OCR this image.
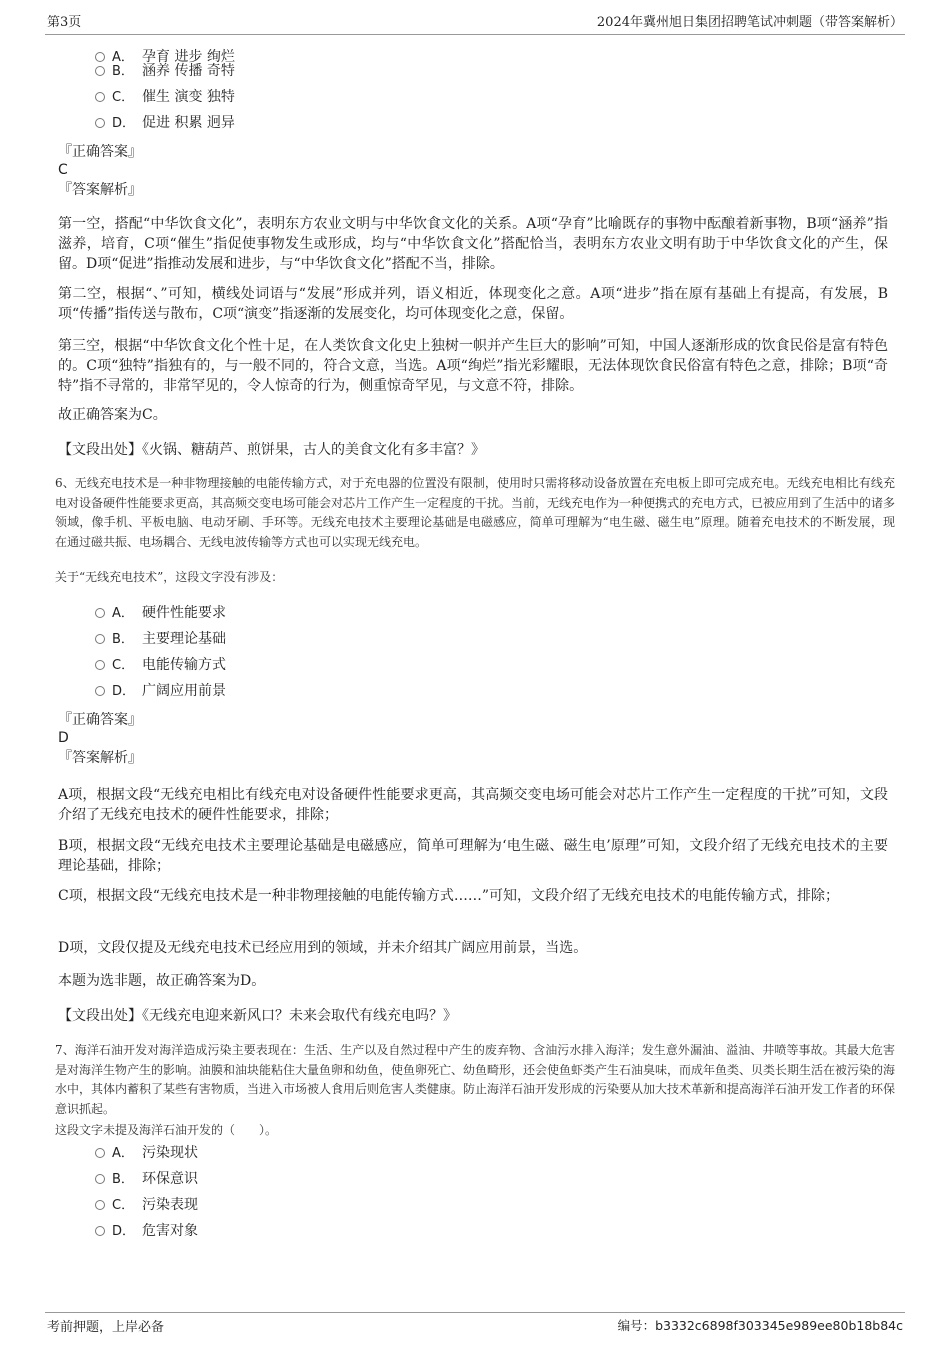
第3页	2024年冀州旭日集团招聘笔试冲刺题（带答案解析）
A． 孕育 进步 绚烂
B． 涵养 传播 奇特
C． 催生 演变 独特
D． 促进 积累 迥异
『正确答案』
C
『答案解析』
第一空，搭配“中华饮食文化”，表明东方农业文明与中华饮食文化的关系。A项“孕育”比喻既存的事物中酝酿着新事物，B项“涵养”指滋养，培育，C项“催生”指促使事物发生或形成，均与“中华饮食文化”搭配恰当，表明东方农业文明有助于中华饮食文化的产生，保留。D项“促进”指推动发展和进步，与“中华饮食文化”搭配不当，排除。
第二空，根据“、”可知，横线处词语与“发展”形成并列，语义相近，体现变化之意。A项“进步”指在原有基础上有提高，有发展，B项“传播”指传送与散布，C项“演变”指逐渐的发展变化，均可体现变化之意，保留。
第三空，根据“中华饮食文化个性十足，在人类饮食文化史上独树一帜并产生巨大的影响”可知，中国人逐渐形成的饮食民俗是富有特色的。C项“独特”指独有的，与一般不同的，符合文意，当选。A项“绚烂”指光彩耀眼，无法体现饮食民俗富有特色之意，排除；B项“奇特”指不寻常的，非常罕见的，令人惊奇的行为，侧重惊奇罕见，与文意不符，排除。
故正确答案为C。
【文段出处】《火锅、糖葫芦、煎饼果，古人的美食文化有多丰富？》
6、无线充电技术是一种非物理接触的电能传输方式，对于充电器的位置没有限制，使用时只需将移动设备放置在充电板上即可完成充电。无线充电相比有线充电对设备硬件性能要求更高，其高频交变电场可能会对芯片工作产生一定程度的干扰。当前，无线充电作为一种便携式的充电方式，已被应用到了生活中的诸多领域，像手机、平板电脑、电动牙刷、手环等。无线充电技术主要理论基础是电磁感应，简单可理解为“电生磁、磁生电”原理。随着充电技术的不断发展，现在通过磁共振、电场耦合、无线电波传输等方式也可以实现无线充电。
关于“无线充电技术”，这段文字没有涉及：
A． 硬件性能要求
B． 主要理论基础
C． 电能传输方式
D． 广阔应用前景
『正确答案』
D
『答案解析』
A项，根据文段“无线充电相比有线充电对设备硬件性能要求更高，其高频交变电场可能会对芯片工作产生一定程度的干扰”可知，文段介绍了无线充电技术的硬件性能要求，排除；
B项，根据文段“无线充电技术主要理论基础是电磁感应，简单可理解为‘电生磁、磁生电’原理”可知，文段介绍了无线充电技术的主要理论基础，排除；
C项，根据文段“无线充电技术是一种非物理接触的电能传输方式……”可知，文段介绍了无线充电技术的电能传输方式，排除；
D项，文段仅提及无线充电技术已经应用到的领域，并未介绍其广阔应用前景，当选。
本题为选非题，故正确答案为D。
【文段出处】《无线充电迎来新风口？未来会取代有线充电吗？》
7、海洋石油开发对海洋造成污染主要表现在：生活、生产以及自然过程中产生的废弃物、含油污水排入海洋；发生意外漏油、溢油、井喷等事故。其最大危害是对海洋生物产生的影响。油膜和油块能粘住大量鱼卵和幼鱼，使鱼卵死亡、幼鱼畸形，还会使鱼虾类产生石油臭味，而成年鱼类、贝类长期生活在被污染的海水中，其体内蓄积了某些有害物质，当进入市场被人食用后则危害人类健康。防止海洋石油开发形成的污染要从加大技术革新和提高海洋石油开发工作者的环保意识抓起。
这段文字未提及海洋石油开发的（　　）。
A． 污染现状
B． 环保意识
C． 污染表现
D． 危害对象
考前押题，上岸必备	编号：b3332c6898f303345e989ee80b18b84c
